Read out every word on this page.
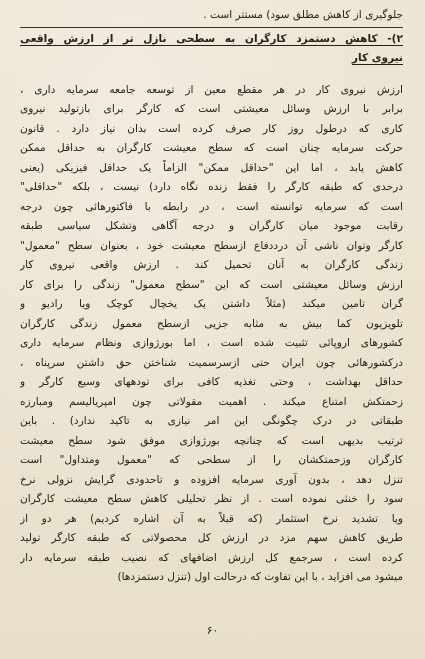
جلوگیری از کاهش مطلق سود) مستتر است .
۲)- کاهش دستمزد کارگران به سطحی نازل تر از ارزش واقعی
نیروی کار
ارزش نیروی کار در هر مقطع معین از توسعه جامعه سرمایه داری ،
برابر با ارزش وسائل معیشتی است که کارگر برای بازتولید نیروی
کاری که درطول روز کار صرف کرده است بدان نیاز دارد . قانون
حرکت سرمایه چنان است که سطح معیشت کارگران به حداقل ممکن
کاهش یابد ، اما این "حداقل ممکن" الزاماً یک حداقل فیزیکی (یعنی
درحدی که طبقه کارگر را فقط زنده نگاه دارد) نیست ، بلکه "حداقلی"
است که سرمایه توانسته است ، در رابطه با فاکتورهائی چون درجه
رقابت موجود میان کارگران و درجه آگاهی وتشکل سیاسی طبقه
کارگر وتوان ناشی آن درددفاع ازسطح معیشت خود ، بعنوان سطح "معمول"
زندگی کارگران به آنان تحمیل کند . ارزش واقعی نیروی کار
ارزش وسائل معیشتی است که این "سطح معمول" زندگی را برای کار
گران تامین میکند (مثلاً داشتن یک یخچال کوچک ویا رادیو و
تلویزیون کما بیش به مثابه جزیی ازسطح معمول زندگی کارگران
کشورهای اروپائی تثبیت شده است ، اما بورژوازی ونظام سرمایه داری
درکشورهائی چون ایران حتی ازسرسمیت شناختن حق داشتن سرپناه ،
حداقل بهداشت ، وحتی تغذیه کافی برای تودههای وسیع کارگر و
زحمتکش امتناع میکند . اهمیت مقولاتی چون امپریالیسم ومبارزه
طبقاتی در درک چگونگی این امر نیازی به تاکید ندارد) . باین
ترتیب بدیهی است که چنانچه بورژوازی موفق شود سطح معیشت
کارگران وزحمتکشان را از سطحی که "معمول ومتداول" است
تنزل دهد ، بدون آوری سرمایه افزوده و تاحدودی گرایش نزولی نرخ
سود را خنثی نموده است . از نظر تحلیلی کاهش سطح معیشت کارگران
ویا تشدید نرخ استثمار (که قبلاً به آن اشاره کردیم) هر دو از
طریق کاهش سهم مزد در ارزش کل محصولاتی که طبقه کارگر تولید
کرده است ، سرجمع کل ارزش اضافهای که نصیب طبقه سرمایه دار
میشود می افزاید ، با این تفاوت که درحالت اول (تنزل دستمزدها)
۶۰
